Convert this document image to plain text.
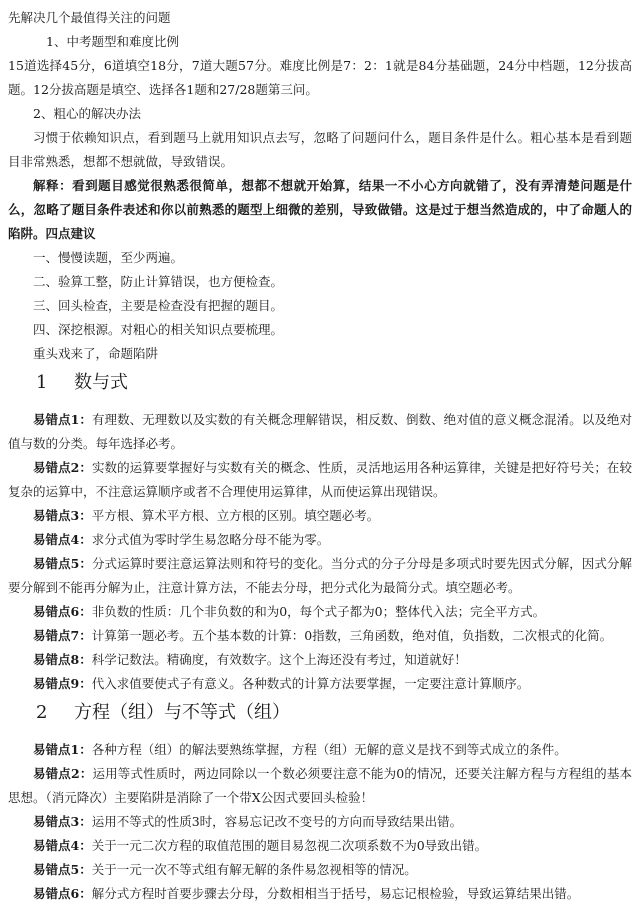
先解决几个最值得关注的问题

1、中考题型和难度比例

15道选择45分，6道填空18分，7道大题57分。难度比例是7：2：1就是84分基础题，24分中档题，12分拔高题。12分拔高题是填空、选择各1题和27/28题第三问。

2、粗心的解决办法

习惯于依赖知识点，看到题马上就用知识点去写，忽略了问题问什么，题目条件是什么。粗心基本是看到题目非常熟悉，想都不想就做，导致错误。

解释：看到题目感觉很熟悉很简单，想都不想就开始算，结果一不小心方向就错了，没有弄清楚问题是什么，忽略了题目条件表述和你以前熟悉的题型上细微的差别，导致做错。这是过于想当然造成的，中了命题人的陷阱。四点建议

一、慢慢读题，至少两遍。

二、验算工整，防止计算错误，也方便检查。

三、回头检查，主要是检查没有把握的题目。

四、深挖根源。对粗心的相关知识点要梳理。

重头戏来了，命题陷阱

1 数与式

易错点1：有理数、无理数以及实数的有关概念理解错误，相反数、倒数、绝对值的意义概念混淆。以及绝对值与数的分类。每年选择必考。

易错点2：实数的运算要掌握好与实数有关的概念、性质，灵活地运用各种运算律，关键是把好符号关；在较复杂的运算中，不注意运算顺序或者不合理使用运算律，从而使运算出现错误。

易错点3：平方根、算术平方根、立方根的区别。填空题必考。

易错点4：求分式值为零时学生易忽略分母不能为零。

易错点5：分式运算时要注意运算法则和符号的变化。当分式的分子分母是多项式时要先因式分解，因式分解要分解到不能再分解为止，注意计算方法，不能去分母，把分式化为最简分式。填空题必考。

易错点6：非负数的性质：几个非负数的和为0，每个式子都为0；整体代入法；完全平方式。

易错点7：计算第一题必考。五个基本数的计算：0指数，三角函数，绝对值，负指数，二次根式的化简。

易错点8：科学记数法。精确度，有效数字。这个上海还没有考过，知道就好！

易错点9：代入求值要使式子有意义。各种数式的计算方法要掌握，一定要注意计算顺序。

2 方程（组）与不等式（组）

易错点1：各种方程（组）的解法要熟练掌握，方程（组）无解的意义是找不到等式成立的条件。

易错点2：运用等式性质时，两边同除以一个数必须要注意不能为0的情况，还要关注解方程与方程组的基本思想。（消元降次）主要陷阱是消除了一个带X公因式要回头检验！

易错点3：运用不等式的性质3时，容易忘记改不变号的方向而导致结果出错。

易错点4：关于一元二次方程的取值范围的题目易忽视二次项系数不为0导致出错。

易错点5：关于一元一次不等式组有解无解的条件易忽视相等的情况。

易错点6：解分式方程时首要步骤去分母，分数相相当于括号，易忘记根检验，导致运算结果出错。
